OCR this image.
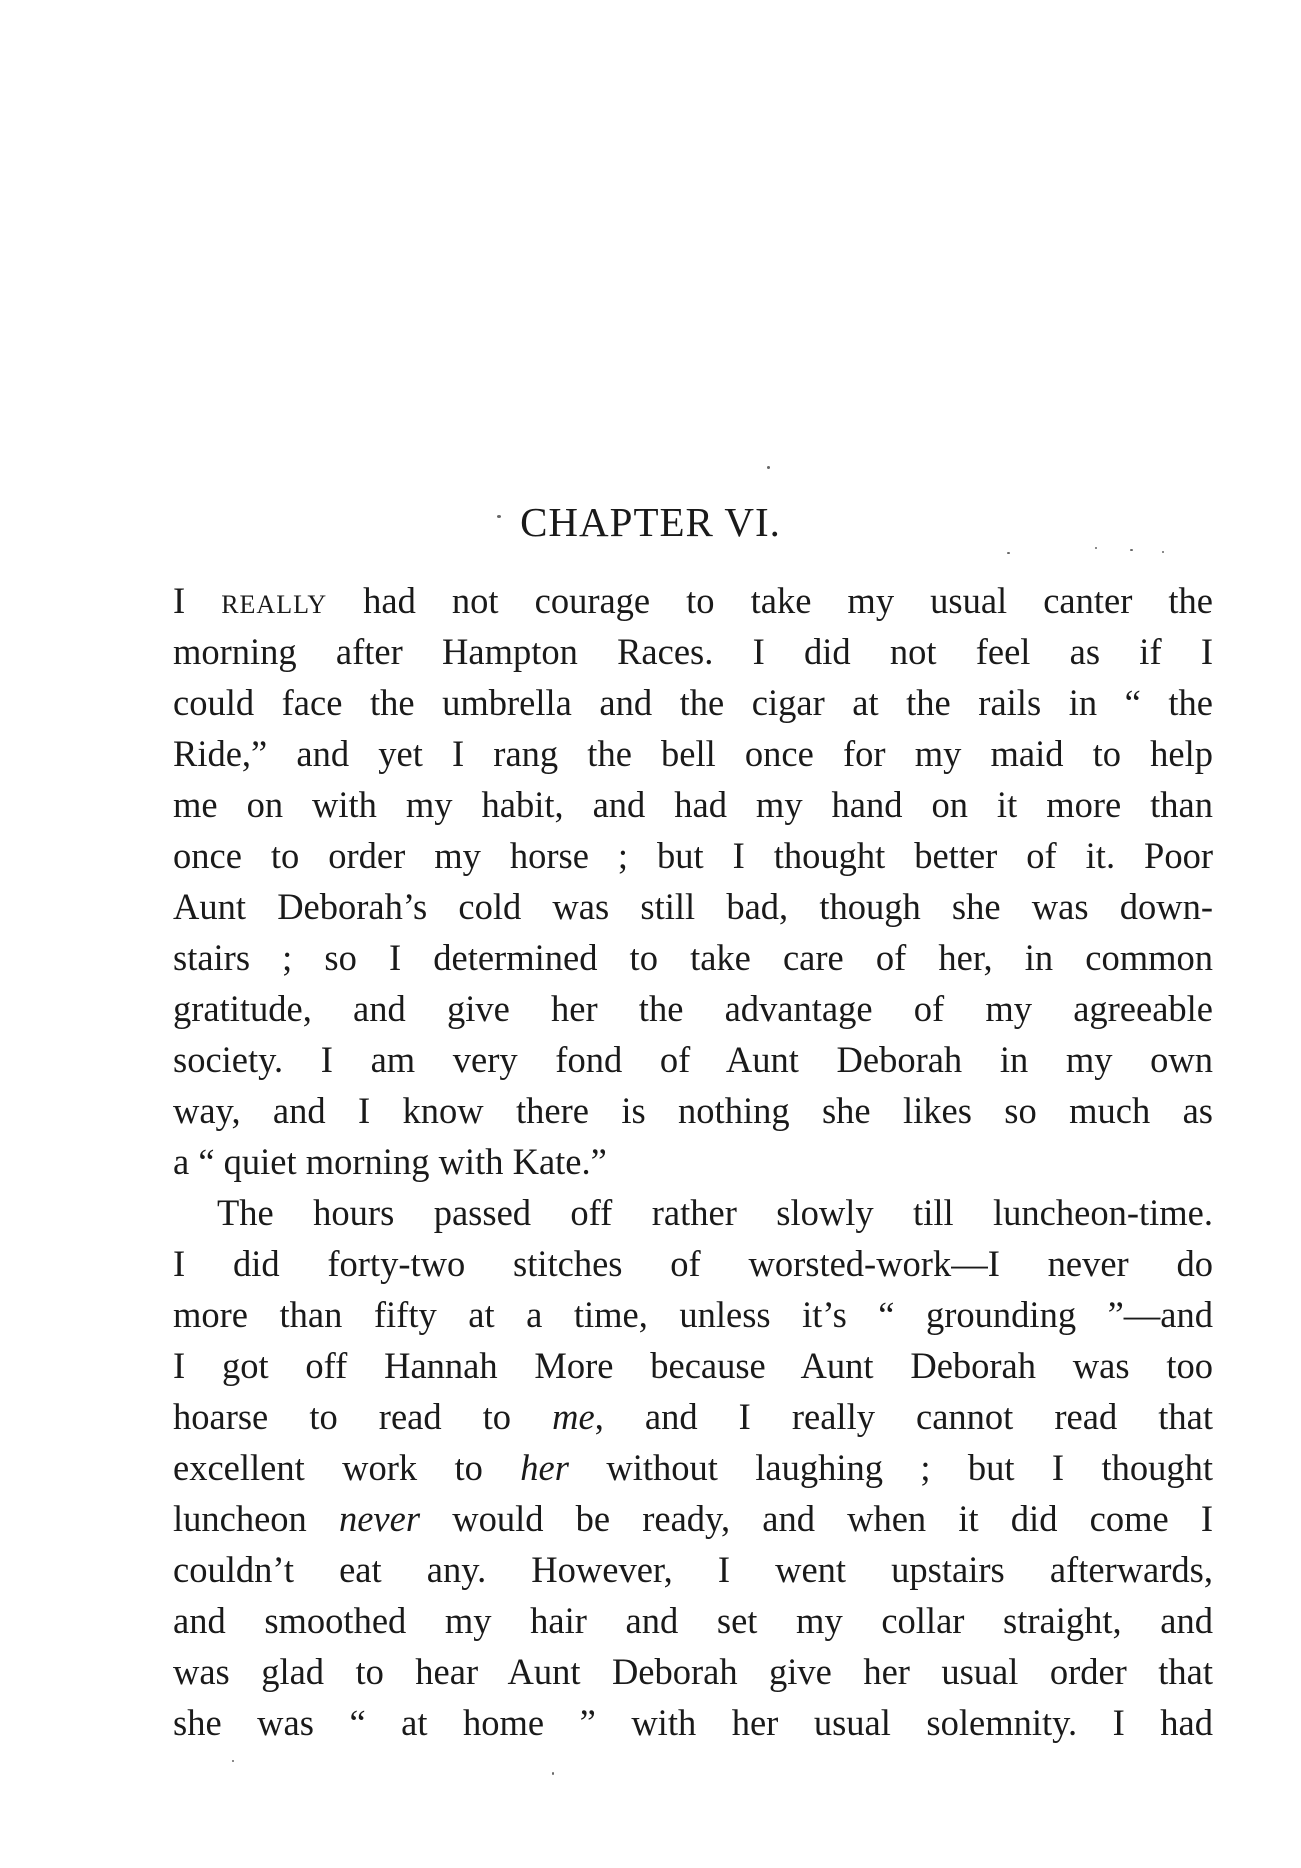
CHAPTER VI.
I really had not courage to take my usual canter the
morning after Hampton Races. I did not feel as if I
could face the umbrella and the cigar at the rails in “ the
Ride,” and yet I rang the bell once for my maid to help
me on with my habit, and had my hand on it more than
once to order my horse ; but I thought better of it. Poor
Aunt Deborah’s cold was still bad, though she was down-
stairs ; so I determined to take care of her, in common
gratitude, and give her the advantage of my agreeable
society. I am very fond of Aunt Deborah in my own
way, and I know there is nothing she likes so much as
a “ quiet morning with Kate.”
The hours passed off rather slowly till luncheon-time.
I did forty-two stitches of worsted-work—I never do
more than fifty at a time, unless it’s “ grounding ”—and
I got off Hannah More because Aunt Deborah was too
hoarse to read to me, and I really cannot read that
excellent work to her without laughing ; but I thought
luncheon never would be ready, and when it did come I
couldn’t eat any. However, I went upstairs afterwards,
and smoothed my hair and set my collar straight, and
was glad to hear Aunt Deborah give her usual order that
she was “ at home ” with her usual solemnity. I had
